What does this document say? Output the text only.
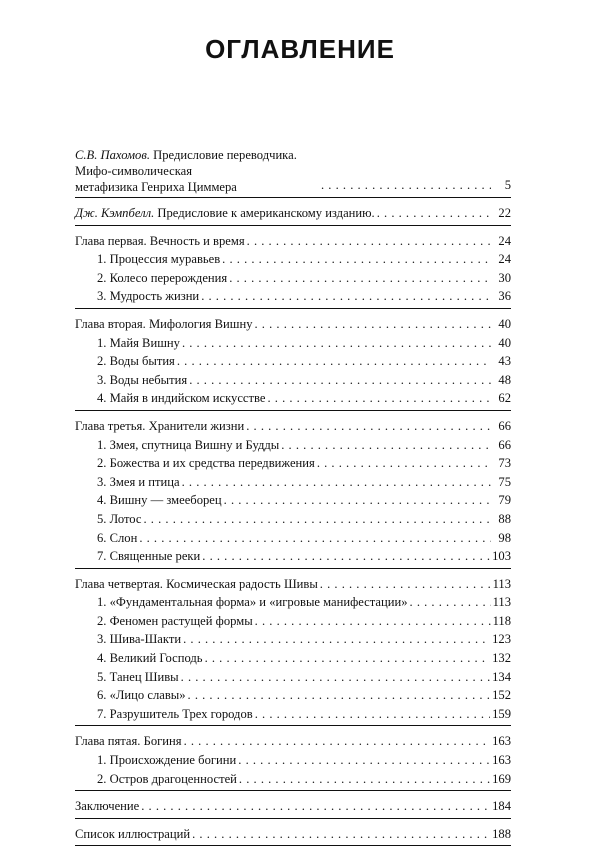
ОГЛАВЛЕНИЕ
С.В. Пахомов. Предисловие переводчика. Мифо-символическая
метафизика Генриха Циммера . . .	5
Дж. Кэмпбелл. Предисловие к американскому изданию. . . .	22
Глава первая. Вечность и время . . .	24
1. Процессия муравьев . . .	24
2. Колесо перерождения . . .	30
3. Мудрость жизни . . .	36
Глава вторая. Мифология Вишну . . .	40
1. Майя Вишну . . .	40
2. Воды бытия . . .	43
3. Воды небытия . . .	48
4. Майя в индийском искусстве . . .	62
Глава третья. Хранители жизни . . .	66
1. Змея, спутница Вишну и Будды . . .	66
2. Божества и их средства передвижения . . .	73
3. Змея и птица . . .	75
4. Вишну — змееборец . . .	79
5. Лотос . . .	88
6. Слон . . .	98
7. Священные реки . . .	103
Глава четвертая. Космическая радость Шивы . . .	113
1. «Фундаментальная форма» и «игровые манифестации» . . .	113
2. Феномен растущей формы . . .	118
3. Шива-Шакти . . .	123
4. Великий Господь . . .	132
5. Танец Шивы . . .	134
6. «Лицо славы» . . .	152
7. Разрушитель Трех городов . . .	159
Глава пятая. Богиня . . .	163
1. Происхождение богини . . .	163
2. Остров драгоценностей . . .	169
Заключение . . .	184
Список иллюстраций . . .	188
